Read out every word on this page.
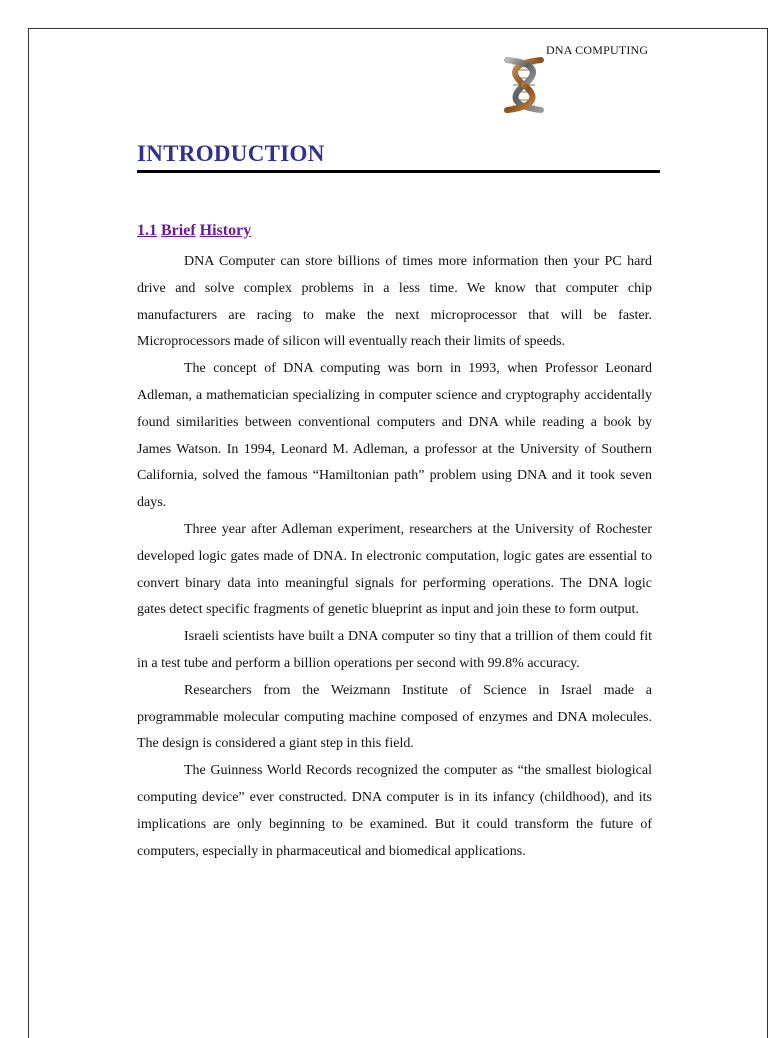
DNA COMPUTING
INTRODUCTION
1.1 Brief History

DNA Computer can store billions of times more information then your PC hard drive and solve complex problems in a less time. We know that computer chip manufacturers are racing to make the next microprocessor that will be faster. Microprocessors made of silicon will eventually reach their limits of speeds.

The concept of DNA computing was born in 1993, when Professor Leonard Adleman, a mathematician specializing in computer science and cryptography accidentally found similarities between conventional computers and DNA while reading a book by James Watson. In 1994, Leonard M. Adleman, a professor at the University of Southern California, solved the famous “Hamiltonian path” problem using DNA and it took seven days.

Three year after Adleman experiment, researchers at the University of Rochester developed logic gates made of DNA. In electronic computation, logic gates are essential to convert binary data into meaningful signals for performing operations. The DNA logic gates detect specific fragments of genetic blueprint as input and join these to form output.

Israeli scientists have built a DNA computer so tiny that a trillion of them could fit in a test tube and perform a billion operations per second with 99.8% accuracy.

Researchers from the Weizmann Institute of Science in Israel made a programmable molecular computing machine composed of enzymes and DNA molecules. The design is considered a giant step in this field.

The Guinness World Records recognized the computer as “the smallest biological computing device” ever constructed. DNA computer is in its infancy (childhood), and its implications are only beginning to be examined. But it could transform the future of computers, especially in pharmaceutical and biomedical applications.
